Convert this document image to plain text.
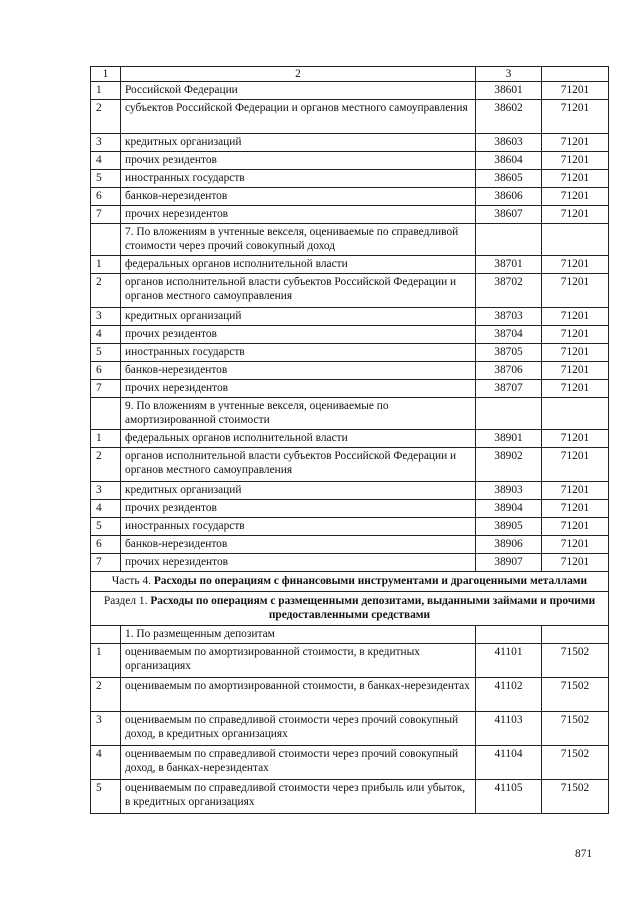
1	2	3	
1	Российской Федерации	38601	71201
2	субъектов Российской Федерации и органов местного самоуправления	38602	71201
3	кредитных организаций	38603	71201
4	прочих резидентов	38604	71201
5	иностранных государств	38605	71201
6	банков-нерезидентов	38606	71201
7	прочих нерезидентов	38607	71201
	7. По вложениям в учтенные векселя, оцениваемые по справедливой стоимости через прочий совокупный доход		
1	федеральных органов исполнительной власти	38701	71201
2	органов исполнительной власти субъектов Российской Федерации и органов местного самоуправления	38702	71201
3	кредитных организаций	38703	71201
4	прочих резидентов	38704	71201
5	иностранных государств	38705	71201
6	банков-нерезидентов	38706	71201
7	прочих нерезидентов	38707	71201
	9. По вложениям в учтенные векселя, оцениваемые по амортизированной стоимости		
1	федеральных органов исполнительной власти	38901	71201
2	органов исполнительной власти субъектов Российской Федерации и органов местного самоуправления	38902	71201
3	кредитных организаций	38903	71201
4	прочих резидентов	38904	71201
5	иностранных государств	38905	71201
6	банков-нерезидентов	38906	71201
7	прочих нерезидентов	38907	71201
Часть 4. Расходы по операциям с финансовыми инструментами и драгоценными металлами			
Раздел 1. Расходы по операциям с размещенными депозитами, выданными займами и прочими предоставленными средствами			
	1. По размещенным депозитам		
1	оцениваемым по амортизированной стоимости, в кредитных организациях	41101	71502
2	оцениваемым по амортизированной стоимости, в банках-нерезидентах	41102	71502
3	оцениваемым по справедливой стоимости через прочий совокупный доход, в кредитных организациях	41103	71502
4	оцениваемым по справедливой стоимости через прочий совокупный доход, в банках-нерезидентах	41104	71502
5	оцениваемым по справедливой стоимости через прибыль или убыток, в кредитных организациях	41105	71502
871
